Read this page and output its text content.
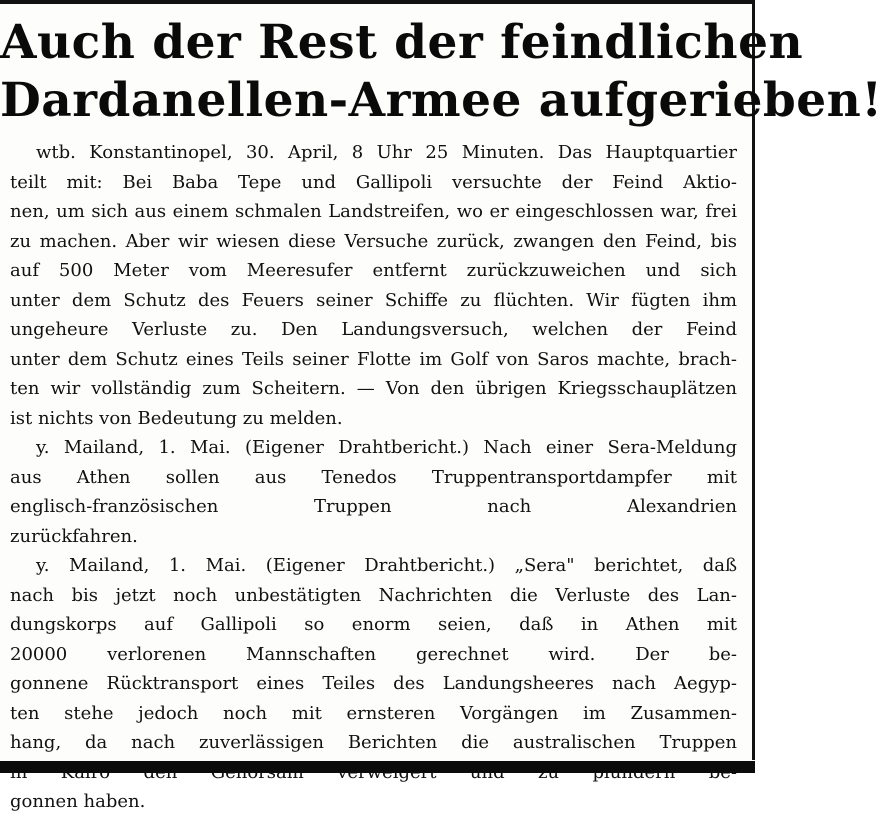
Auch der Rest der feindlichen
Dardanellen-Armee aufgerieben!
wtb. Konstantinopel, 30. April, 8 Uhr 25 Minuten. Das Hauptquartier
teilt mit: Bei Baba Tepe und Gallipoli versuchte der Feind Aktio-
nen, um sich aus einem schmalen Landstreifen, wo er eingeschlossen war, frei
zu machen. Aber wir wiesen diese Versuche zurück, zwangen den Feind, bis
auf 500 Meter vom Meeresufer entfernt zurückzuweichen und sich
unter dem Schutz des Feuers seiner Schiffe zu flüchten. Wir fügten ihm
ungeheure Verluste zu. Den Landungsversuch, welchen der Feind
unter dem Schutz eines Teils seiner Flotte im Golf von Saros machte, brach-
ten wir vollständig zum Scheitern. — Von den übrigen Kriegsschauplätzen
ist nichts von Bedeutung zu melden.
y. Mailand, 1. Mai. (Eigener Drahtbericht.) Nach einer Sera-Meldung
aus Athen sollen aus Tenedos Truppentransportdampfer mit
englisch-französischen Truppen nach Alexandrien
zurückfahren.
y. Mailand, 1. Mai. (Eigener Drahtbericht.) „Sera" berichtet, daß
nach bis jetzt noch unbestätigten Nachrichten die Verluste des Lan-
dungskorps auf Gallipoli so enorm seien, daß in Athen mit
20000 verlorenen Mannschaften gerechnet wird. Der be-
gonnene Rücktransport eines Teiles des Landungsheeres nach Aegyp-
ten stehe jedoch noch mit ernsteren Vorgängen im Zusammen-
hang, da nach zuverlässigen Berichten die australischen Truppen
gonnen haben.
